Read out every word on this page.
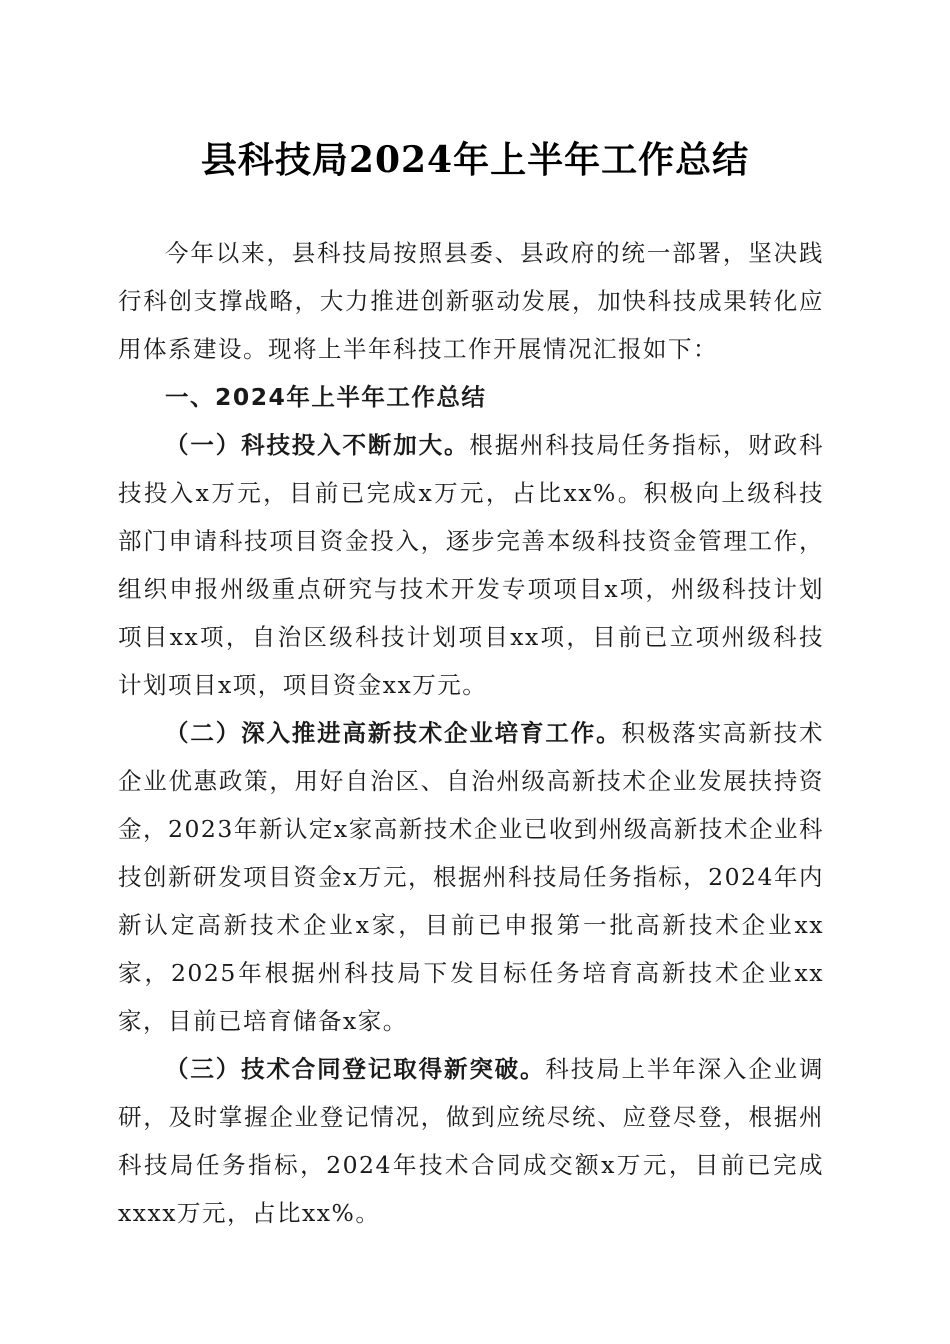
县科技局2024年上半年工作总结

今年以来，县科技局按照县委、县政府的统一部署，坚决践行科创支撑战略，大力推进创新驱动发展，加快科技成果转化应用体系建设。现将上半年科技工作开展情况汇报如下：

一、2024年上半年工作总结

（一）科技投入不断加大。根据州科技局任务指标，财政科技投入x万元，目前已完成x万元，占比xx%。积极向上级科技部门申请科技项目资金投入，逐步完善本级科技资金管理工作，组织申报州级重点研究与技术开发专项项目x项，州级科技计划项目xx项，自治区级科技计划项目xx项，目前已立项州级科技计划项目x项，项目资金xx万元。

（二）深入推进高新技术企业培育工作。积极落实高新技术企业优惠政策，用好自治区、自治州级高新技术企业发展扶持资金，2023年新认定x家高新技术企业已收到州级高新技术企业科技创新研发项目资金x万元，根据州科技局任务指标，2024年内新认定高新技术企业x家，目前已申报第一批高新技术企业xx家，2025年根据州科技局下发目标任务培育高新技术企业xx家，目前已培育储备x家。

（三）技术合同登记取得新突破。科技局上半年深入企业调研，及时掌握企业登记情况，做到应统尽统、应登尽登，根据州科技局任务指标，2024年技术合同成交额x万元，目前已完成xxxx万元，占比xx%。
